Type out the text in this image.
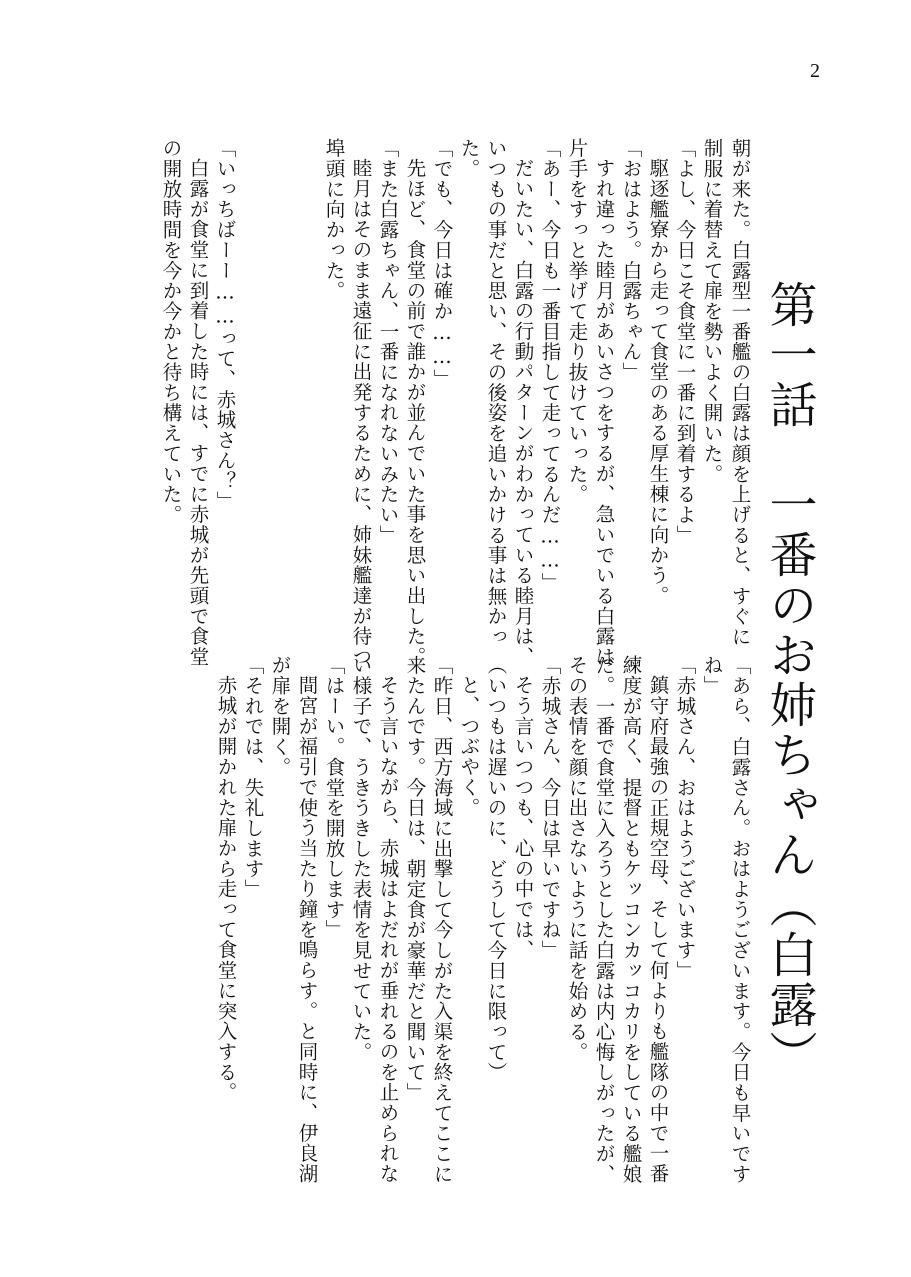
2
第一話　一番のお姉ちゃん（白露）
朝が来た。白露型一番艦の白露は顔を上げると、すぐに
制服に着替えて扉を勢いよく開いた。
「よし、今日こそ食堂に一番に到着するよ」
駆逐艦寮から走って食堂のある厚生棟に向かう。
「おはよう。白露ちゃん」
すれ違った睦月があいさつをするが、急いでいる白露は
片手をすっと挙げて走り抜けていった。
「あー、今日も一番目指して走ってるんだ……」
だいたい、白露の行動パターンがわかっている睦月は、
いつもの事だと思い、その後姿を追いかける事は無かっ
た。
「でも、今日は確か……」
先ほど、食堂の前で誰かが並んでいた事を思い出した。
「また白露ちゃん、一番になれないみたい」
睦月はそのまま遠征に出発するために、姉妹艦達が待つ
埠頭に向かった。
「いっちばーー……って、赤城さん？」
白露が食堂に到着した時には、すでに赤城が先頭で食堂
の開放時間を今か今かと待ち構えていた。
「あら、白露さん。おはようございます。今日も早いです
ね」
「赤城さん、おはようございます」
鎮守府最強の正規空母、そして何よりも艦隊の中で一番
練度が高く、提督ともケッコンカッコカリをしている艦娘
だ。一番で食堂に入ろうとした白露は内心悔しがったが、
その表情を顔に出さないように話を始める。
「赤城さん、今日は早いですね」
そう言いつつも、心の中では、
（いつもは遅いのに、どうして今日に限って）
と、つぶやく。
「昨日、西方海域に出撃して今しがた入渠を終えてここに
来たんです。今日は、朝定食が豪華だと聞いて」
そう言いながら、赤城はよだれが垂れるのを止められな
い様子で、うきうきした表情を見せていた。
「はーい。食堂を開放します」
間宮が福引で使う当たり鐘を鳴らす。と同時に、伊良湖
が扉を開く。
「それでは、失礼します」
赤城が開かれた扉から走って食堂に突入する。
